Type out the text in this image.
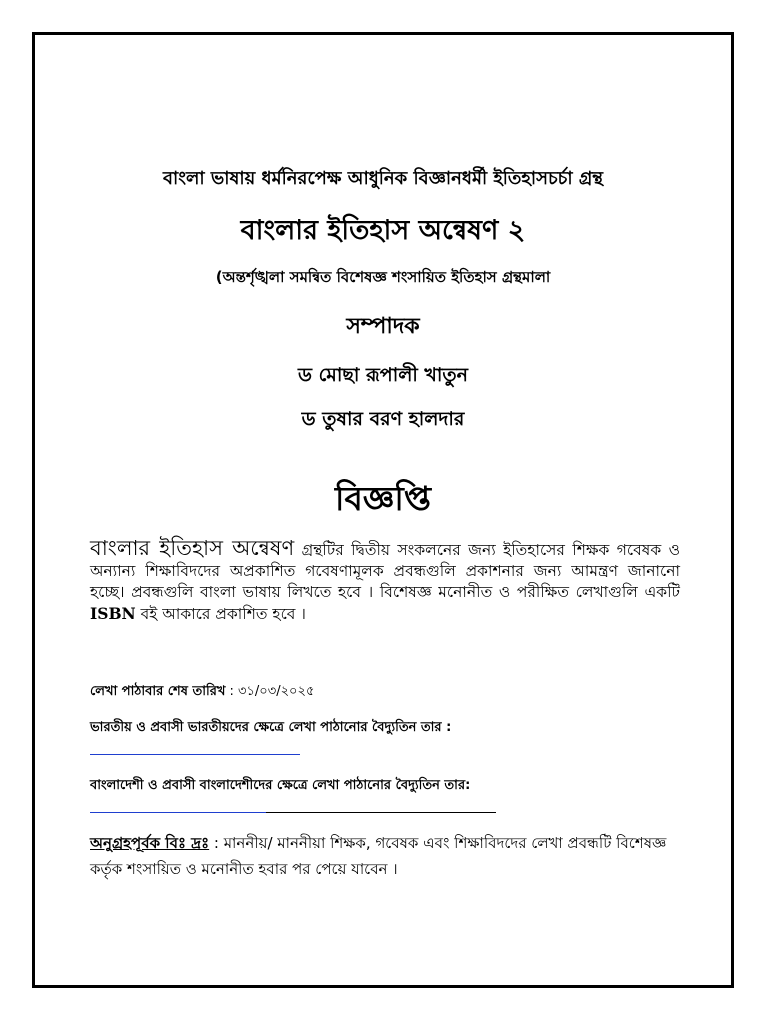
বাংলা ভাষায় ধর্মনিরপেক্ষ আধুনিক বিজ্ঞানধর্মী ইতিহাসচর্চা গ্রন্থ
বাংলার ইতিহাস অন্বেষণ ২
(অন্তর্শৃঙ্খলা সমন্বিত বিশেষজ্ঞ শংসায়িত ইতিহাস গ্রন্থমালা
সম্পাদক
ড মোছা রূপালী খাতুন
ড তুষার বরণ হালদার
বিজ্ঞপ্তি
বাংলার ইতিহাস অন্বেষণ গ্রন্থটির দ্বিতীয় সংকলনের জন্য ইতিহাসের শিক্ষক গবেষক ও অন্যান্য শিক্ষাবিদদের অপ্রকাশিত গবেষণামূলক প্রবন্ধগুলি প্রকাশনার জন্য আমন্ত্রণ জানানো হচ্ছে। প্রবন্ধগুলি বাংলা ভাষায় লিখতে হবে । বিশেষজ্ঞ মনোনীত ও পরীক্ষিত লেখাগুলি একটি ISBN বই আকারে প্রকাশিত হবে ।
লেখা পাঠাবার শেষ তারিখ : ৩১/০৩/২০২৫
ভারতীয় ও প্রবাসী ভারতীয়দের ক্ষেত্রে লেখা পাঠানোর বৈদ্যুতিন তার :
বাংলাদেশী ও প্রবাসী বাংলাদেশীদের ক্ষেত্রে লেখা পাঠানোর বৈদ্যুতিন তার:
অনুগ্রহপূর্বক বিঃ দ্রঃ : মাননীয়/ মাননীয়া শিক্ষক, গবেষক এবং শিক্ষাবিদদের লেখা প্রবন্ধটি বিশেষজ্ঞ কর্তৃক শংসায়িত ও মনোনীত হবার পর পেয়ে যাবেন ।
